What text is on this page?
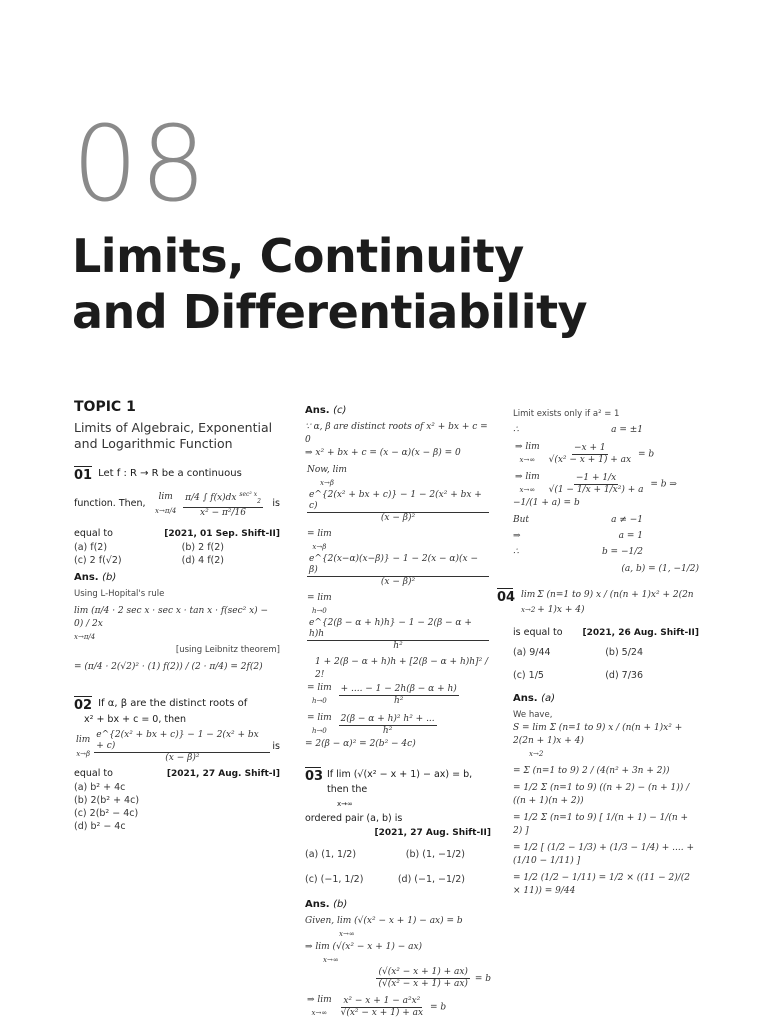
08
Limits, Continuity
and Differentiability
TOPIC 1
Limits of Algebraic, Exponential and Logarithmic Function
01 Let f : R → R be a continuous
function. Then,
lim
x→π/4
$\frac{\pi/4 \int f(x)dx ^{sec^2 x}_2}{\text{x² − π²/16}}$ is
equal to	[2021, 01 Sep. Shift-II]
(a) f(2)	(b) 2 f(2)
(c) 2 f(√2)	(d) 4 f(2)
Ans. (b)
Using L-Hopital's rule
lim (π/4 · 2 sec x · sec x · tan x · f(sec² x) − 0) / 2x
x→π/4
[using Leibnitz theorem]
= (π/4 · 2(√2)² · (1) f(2)) / (2 · π/4) = 2f(2)
02 If α, β are the distinct roots of
x² + bx + c = 0, then
lim
$x\to\beta \frac{\text{e\textasciicircum{}\{2(x² + bx + c)\} − 1 − 2(x² + bx + c)}}{\text{(x − β)²}}$ is
equal to	[2021, 27 Aug. Shift-I]
(a) b² + 4c
(b) 2(b² + 4c)
(c) 2(b² − 4c)
(d) b² − 4c
Ans. (c)
∵ α, β are distinct roots of x² + bx + c = 0
⇒ x² + bx + c = (x − α)(x − β) = 0
Now, lim
x→β

$\frac{\text{e\textasciicircum{}\{2(x² + bx + c)\} − 1 − 2(x² + bx + c)}}{\text{(x − β)²}}$
= lim
x→β

$\frac{e\^{}\{2(x-\alpha)(x-\beta)\} - 1 - 2(x - \alpha)(x - \beta)}{\text{(x − β)²}}$
= lim
h→0

$\frac{e\^{}\{2(\beta - \alpha + h)h\} - 1 - 2(\beta - \alpha + h)h}{\text{h²}}$
1 + 2(β − α + h)h + [2(β − α + h)h]² / 2!
= lim
h→0
$\frac{+ .... - 1 - 2h(\beta - \alpha + h)}{\text{h²}}$
= lim
h→0
$\frac{\text{2(β − α + h)² h² + ...}}{\text{h²}}$
= 2(β − α)² = 2(b² − 4c)
03 If lim (√(x² − x + 1) − ax) = b, then the
x→∞
ordered pair (a, b) is
[2021, 27 Aug. Shift-II]
(a) (1, 1/2)	(b) (1, −1/2)
(c) (−1, 1/2)	(d) (−1, −1/2)
Ans. (b)
Given, lim (√(x² − x + 1) − ax) = b
x→∞
⇒ lim (√(x² − x + 1) − ax)
x→∞
$\frac{\text{(√(x² − x + 1) + ax)}}{\text{(√(x² − x + 1) + ax)}} = b$
⇒ lim
x→∞
$\frac{\text{x² − x + 1 − a²x²}}{\text{√(x² − x + 1) + ax}} = b$
Limit exists only if a² = 1
∴	a = ±1
⇒ lim
x→∞
$\frac{-x + 1}{\text{√(x² − x + 1) + ax}} = b$
⇒ lim
x→∞
$\frac{-1 + 1/x}{\text{√(1 − 1/x + 1/x²) + a}} = b$ ⇒ −1/(1 + a) = b
But	a ≠ −1
⇒	a = 1
∴	b = −1/2
(a, b) = (1, −1/2)
04 lim
x→2
Σ (n=1 to 9) x / (n(n + 1)x² + 2(2n + 1)x + 4)
is equal to [2021, 26 Aug. Shift-II]
(a) 9/44	(b) 5/24
(c) 1/5	(d) 7/36
Ans. (a)
We have,
S = lim Σ (n=1 to 9) x / (n(n + 1)x² + 2(2n + 1)x + 4)
x→2
= Σ (n=1 to 9) 2 / (4(n² + 3n + 2))
= 1/2 Σ (n=1 to 9) ((n + 2) − (n + 1)) / ((n + 1)(n + 2))
= 1/2 Σ (n=1 to 9) [ 1/(n + 1) − 1/(n + 2) ]
= 1/2 [ (1/2 − 1/3) + (1/3 − 1/4) + .... + (1/10 − 1/11) ]
= 1/2 (1/2 − 1/11) = 1/2 × ((11 − 2)/(2 × 11)) = 9/44
